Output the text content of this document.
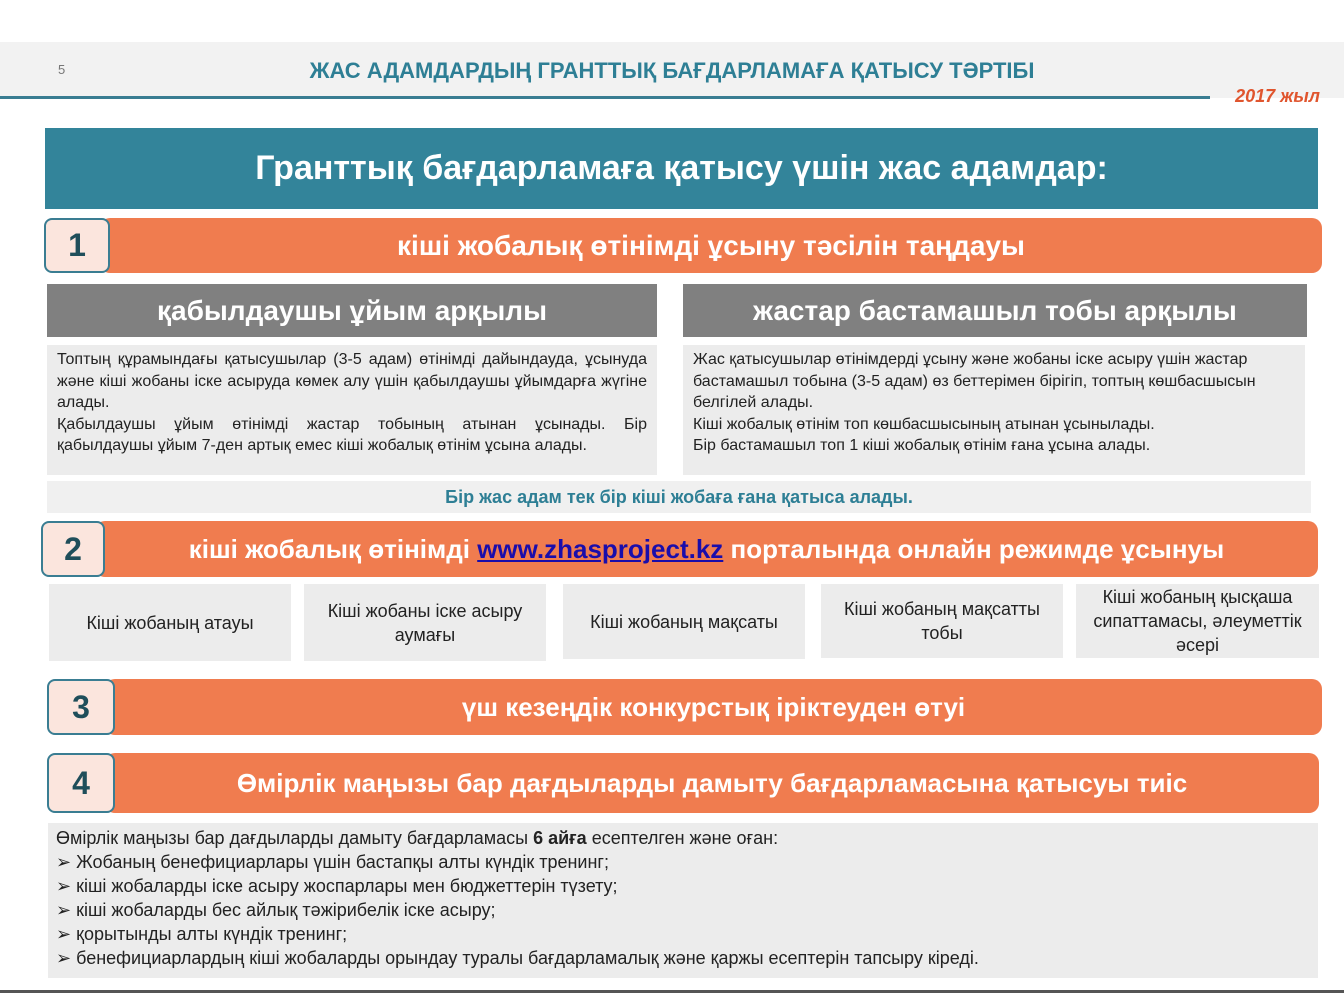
5	ЖАС АДАМДАРДЫҢ ГРАНТТЫҚ БАҒДАРЛАМАҒА ҚАТЫСУ ТӘРТІБІ
2017 жыл
Гранттық бағдарламаға қатысу үшін жас адамдар:
кіші жобалық өтінімді ұсыну тәсілін таңдауы
1
қабылдаушы ұйым арқылы
Топтың құрамындағы қатысушылар (3-5 адам) өтінімді дайындауда, ұсынуда және кіші жобаны іске асыруда көмек алу үшін қабылдаушы ұйымдарға жүгіне алады.
Қабылдаушы ұйым өтінімді жастар тобының атынан ұсынады. Бір қабылдаушы ұйым 7-ден артық емес кіші жобалық өтінім ұсына алады.
жастар бастамашыл тобы арқылы
Жас қатысушылар өтінімдерді ұсыну және жобаны іске асыру үшін жастар бастамашыл тобына (3-5 адам) өз беттерімен бірігіп, топтың көшбасшысын белгілей алады.
Кіші жобалық өтінім топ көшбасшысының атынан ұсынылады.
Бір бастамашыл топ 1 кіші жобалық өтінім ғана ұсына алады.
Бір жас адам тек бір кіші жобаға ғана қатыса алады.
кіші жобалық өтінімді www.zhasproject.kz порталында онлайн режимде ұсынуы
2
Кіші жобаның атауы
Кіші жобаны іске асыру аумағы
Кіші жобаның мақсаты
Кіші жобаның мақсатты тобы
Кіші жобаның қысқаша сипаттамасы, әлеуметтік әсері
үш кезеңдік конкурстық іріктеуден өтуі
3
Өмірлік маңызы бар дағдыларды дамыту бағдарламасына қатысуы тиіс
4
Өмірлік маңызы бар дағдыларды дамыту бағдарламасы 6 айға есептелген және оған:
➢ Жобаның бенефициарлары үшін бастапқы алты күндік тренинг;
➢ кіші жобаларды іске асыру жоспарлары мен бюджеттерін түзету;
➢ кіші жобаларды бес айлық тәжірибелік іске асыру;
➢ қорытынды алты күндік тренинг;
➢ бенефициарлардың кіші жобаларды орындау туралы бағдарламалық және қаржы есептерін тапсыру кіреді.
